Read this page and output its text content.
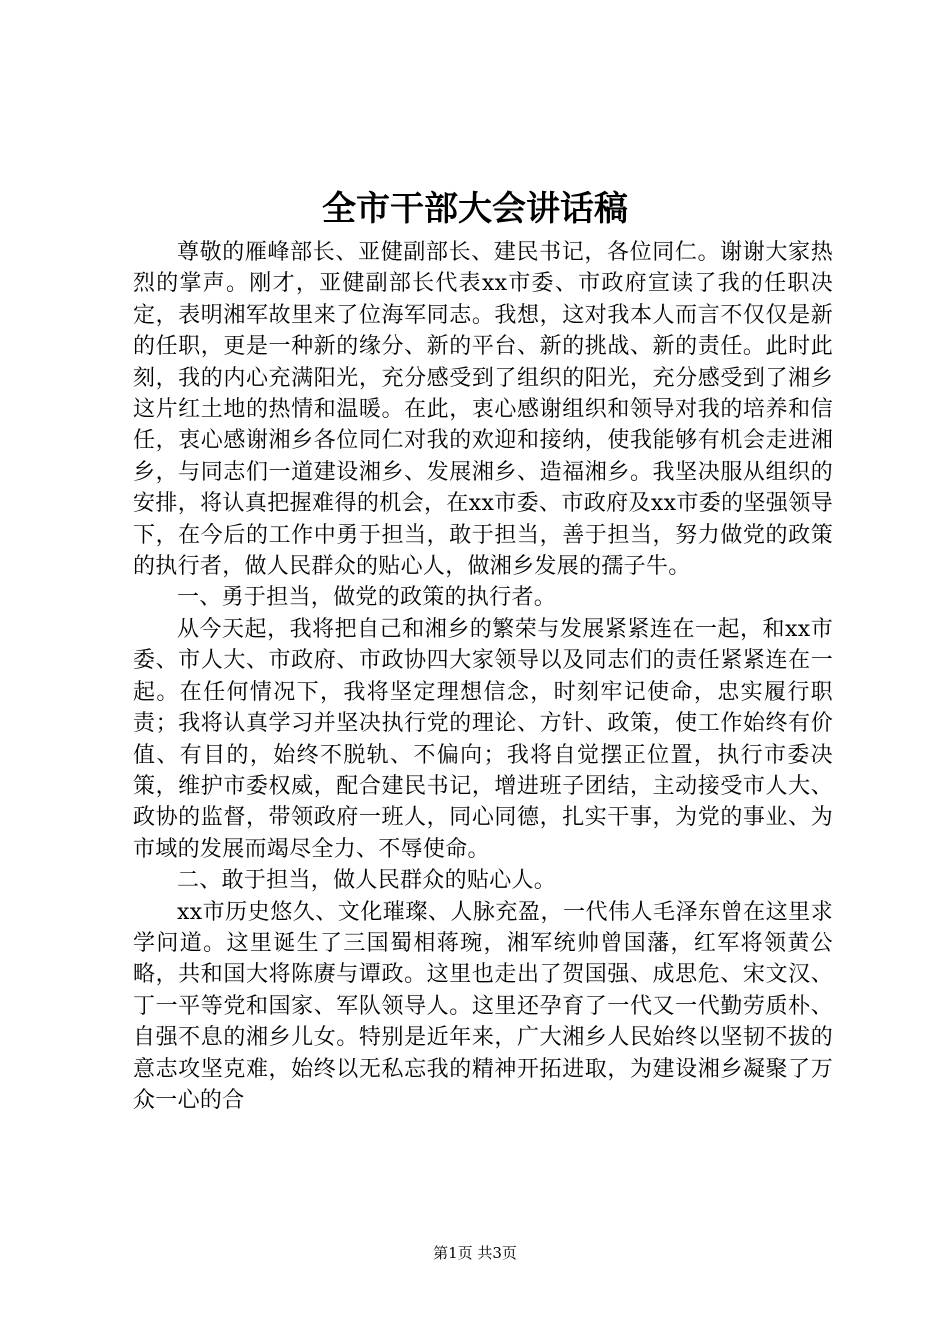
全市干部大会讲话稿

尊敬的雁峰部长、亚健副部长、建民书记，各位同仁。谢谢大家热烈的掌声。刚才，亚健副部长代表xx市委、市政府宣读了我的任职决定，表明湘军故里来了位海军同志。我想，这对我本人而言不仅仅是新的任职，更是一种新的缘分、新的平台、新的挑战、新的责任。此时此刻，我的内心充满阳光，充分感受到了组织的阳光，充分感受到了湘乡这片红土地的热情和温暖。在此，衷心感谢组织和领导对我的培养和信任，衷心感谢湘乡各位同仁对我的欢迎和接纳，使我能够有机会走进湘乡，与同志们一道建设湘乡、发展湘乡、造福湘乡。我坚决服从组织的安排，将认真把握难得的机会，在xx市委、市政府及xx市委的坚强领导下，在今后的工作中勇于担当，敢于担当，善于担当，努力做党的政策的执行者，做人民群众的贴心人，做湘乡发展的孺子牛。

一、勇于担当，做党的政策的执行者。

从今天起，我将把自己和湘乡的繁荣与发展紧紧连在一起，和xx市委、市人大、市政府、市政协四大家领导以及同志们的责任紧紧连在一起。在任何情况下，我将坚定理想信念，时刻牢记使命，忠实履行职责；我将认真学习并坚决执行党的理论、方针、政策，使工作始终有价值、有目的，始终不脱轨、不偏向；我将自觉摆正位置，执行市委决策，维护市委权威，配合建民书记，增进班子团结，主动接受市人大、政协的监督，带领政府一班人，同心同德，扎实干事，为党的事业、为市域的发展而竭尽全力、不辱使命。

二、敢于担当，做人民群众的贴心人。

xx市历史悠久、文化璀璨、人脉充盈，一代伟人毛泽东曾在这里求学问道。这里诞生了三国蜀相蒋琬，湘军统帅曾国藩，红军将领黄公略，共和国大将陈赓与谭政。这里也走出了贺国强、成思危、宋文汉、丁一平等党和国家、军队领导人。这里还孕育了一代又一代勤劳质朴、自强不息的湘乡儿女。特别是近年来，广大湘乡人民始终以坚韧不拔的意志攻坚克难，始终以无私忘我的精神开拓进取，为建设湘乡凝聚了万众一心的合

第1页 共3页
